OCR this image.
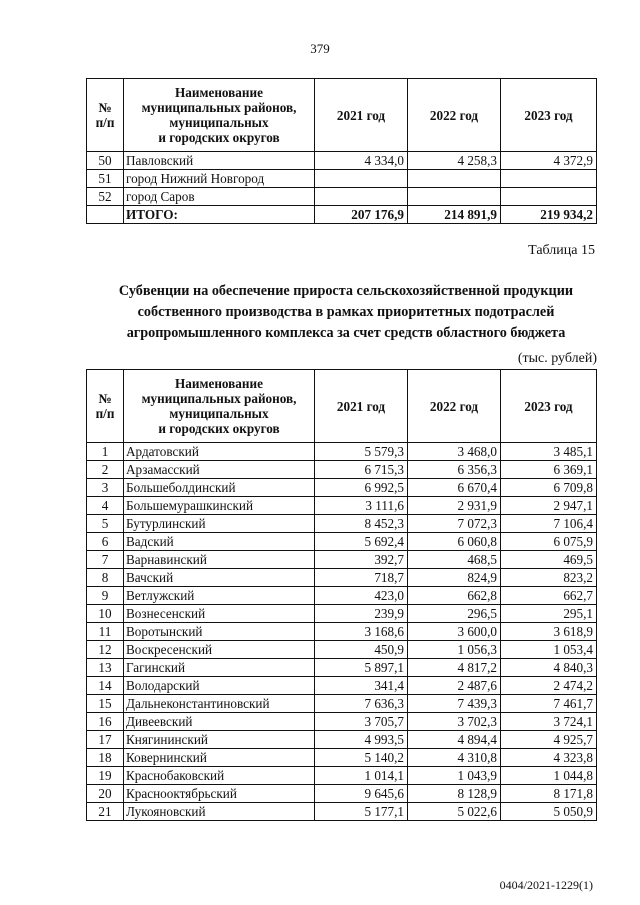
379
№
п/п	Наименование
муниципальных районов,
муниципальных
и городских округов	2021 год	2022 год	2023 год
50	Павловский	4 334,0	4 258,3	4 372,9
51	город Нижний Новгород			
52	город Саров			
	ИТОГО:	207 176,9	214 891,9	219 934,2
Таблица 15
Субвенции на обеспечение прироста сельскохозяйственной продукции
собственного производства в рамках приоритетных подотраслей
агропромышленного комплекса за счет средств областного бюджета
(тыс. рублей)
№
п/п	Наименование
муниципальных районов,
муниципальных
и городских округов	2021 год	2022 год	2023 год
1	Ардатовский	5 579,3	3 468,0	3 485,1
2	Арзамасский	6 715,3	6 356,3	6 369,1
3	Большеболдинский	6 992,5	6 670,4	6 709,8
4	Большемурашкинский	3 111,6	2 931,9	2 947,1
5	Бутурлинский	8 452,3	7 072,3	7 106,4
6	Вадский	5 692,4	6 060,8	6 075,9
7	Варнавинский	392,7	468,5	469,5
8	Вачский	718,7	824,9	823,2
9	Ветлужский	423,0	662,8	662,7
10	Вознесенский	239,9	296,5	295,1
11	Воротынский	3 168,6	3 600,0	3 618,9
12	Воскресенский	450,9	1 056,3	1 053,4
13	Гагинский	5 897,1	4 817,2	4 840,3
14	Володарский	341,4	2 487,6	2 474,2
15	Дальнеконстантиновский	7 636,3	7 439,3	7 461,7
16	Дивеевский	3 705,7	3 702,3	3 724,1
17	Княгининский	4 993,5	4 894,4	4 925,7
18	Ковернинский	5 140,2	4 310,8	4 323,8
19	Краснобаковский	1 014,1	1 043,9	1 044,8
20	Краснооктябрьский	9 645,6	8 128,9	8 171,8
21	Лукояновский	5 177,1	5 022,6	5 050,9
0404/2021-1229(1)
